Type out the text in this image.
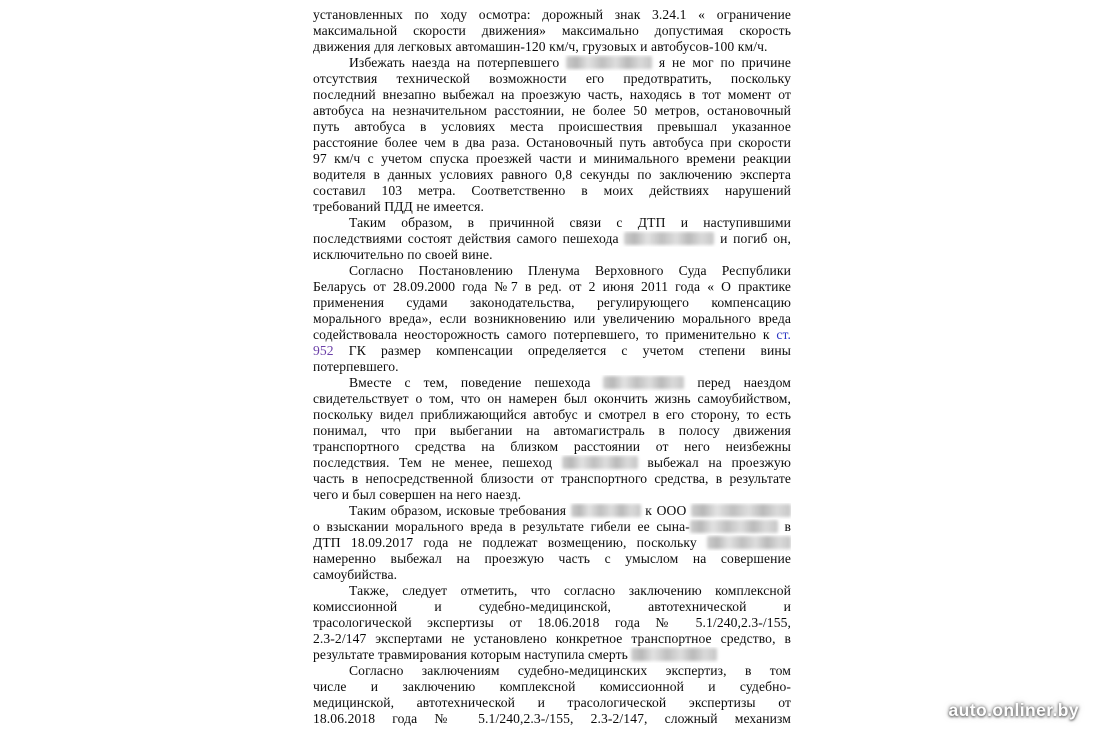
установленных по ходу осмотра: дорожный знак 3.24.1 « ограничение
максимальной скорости движения» максимально допустимая скорость
движения для легковых автомашин-120 км/ч, грузовых и автобусов-100 км/ч.
Избежать наезда на потерпевшего	я не мог по причине
отсутствия технической возможности его предотвратить, поскольку
последний внезапно выбежал на проезжую часть, находясь в тот момент от
автобуса на незначительном расстоянии, не более 50 метров, остановочный
путь автобуса в условиях места происшествия превышал указанное
расстояние более чем в два раза. Остановочный путь автобуса при скорости
97 км/ч с учетом спуска проезжей части и минимального времени реакции
водителя в данных условиях равного 0,8 секунды по заключению эксперта
составил 103 метра. Соответственно в моих действиях нарушений
требований ПДД не имеется.
Таким образом, в причинной связи с ДТП и наступившими
последствиями состоят действия самого пешехода	и погиб он,
исключительно по своей вине.
Согласно Постановлению Пленума Верховного Суда Республики
Беларусь от 28.09.2000 года №7 в ред. от 2 июня 2011 года « О практике
применения судами законодательства, регулирующего компенсацию
морального вреда», если возникновению или увеличению морального вреда
содействовала неосторожность самого потерпевшего, то применительно к ст.
952 ГК размер компенсации определяется с учетом степени вины
потерпевшего.
Вместе с тем, поведение пешехода	перед наездом
свидетельствует о том, что он намерен был окончить жизнь самоубийством,
поскольку видел приближающийся автобус и смотрел в его сторону, то есть
понимал, что при выбегании на автомагистраль в полосу движения
транспортного средства на близком расстоянии от него неизбежны
последствия. Тем не менее, пешеход	выбежал на проезжую
часть в непосредственной близости от транспортного средства, в результате
чего и был совершен на него наезд.
Таким образом, исковые требования	к ООО
о взыскании морального вреда в результате гибели ее сына-	в
ДТП 18.09.2017 года не подлежат возмещению, поскольку
намеренно выбежал на проезжую часть с умыслом на совершение
самоубийства.
Также, следует отметить, что согласно заключению комплексной
комиссионной и судебно-медицинской, автотехнической и
трасологической экспертизы от 18.06.2018 года № 5.1/240,2.3-/155,
2.3-2/147 экспертами не установлено конкретное транспортное средство, в
результате травмирования которым наступила смерть
Согласно заключениям судебно-медицинских экспертиз, в том
числе и заключению комплексной комиссионной и судебно-
медицинской, автотехнической и трасологической экспертизы от
18.06.2018 года № 5.1/240,2.3-/155, 2.3-2/147, сложный механизм	auto.onliner.by
